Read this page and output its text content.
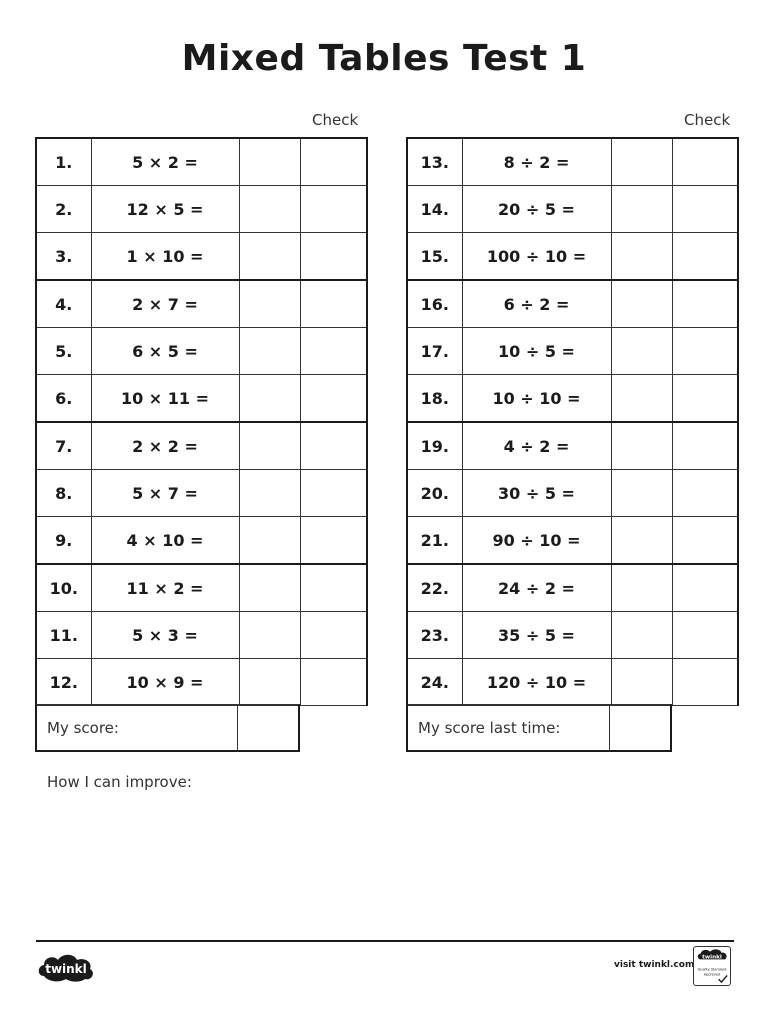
Mixed Tables Test 1
Check	Check
1.	5 × 2 =		
2.	12 × 5 =		
3.	1 × 10 =		
4.	2 × 7 =		
5.	6 × 5 =		
6.	10 × 11 =		
7.	2 × 2 =		
8.	5 × 7 =		
9.	4 × 10 =		
10.	11 × 2 =		
11.	5 × 3 =		
12.	10 × 9 =		
13.	8 ÷ 2 =		
14.	20 ÷ 5 =		
15.	100 ÷ 10 =		
16.	6 ÷ 2 =		
17.	10 ÷ 5 =		
18.	10 ÷ 10 =		
19.	4 ÷ 2 =		
20.	30 ÷ 5 =		
21.	90 ÷ 10 =		
22.	24 ÷ 2 =		
23.	35 ÷ 5 =		
24.	120 ÷ 10 =		
My score:	My score last time:
How I can improve:
twinkl	visit twinkl.com
twinkl
Quality Standard
Approved
